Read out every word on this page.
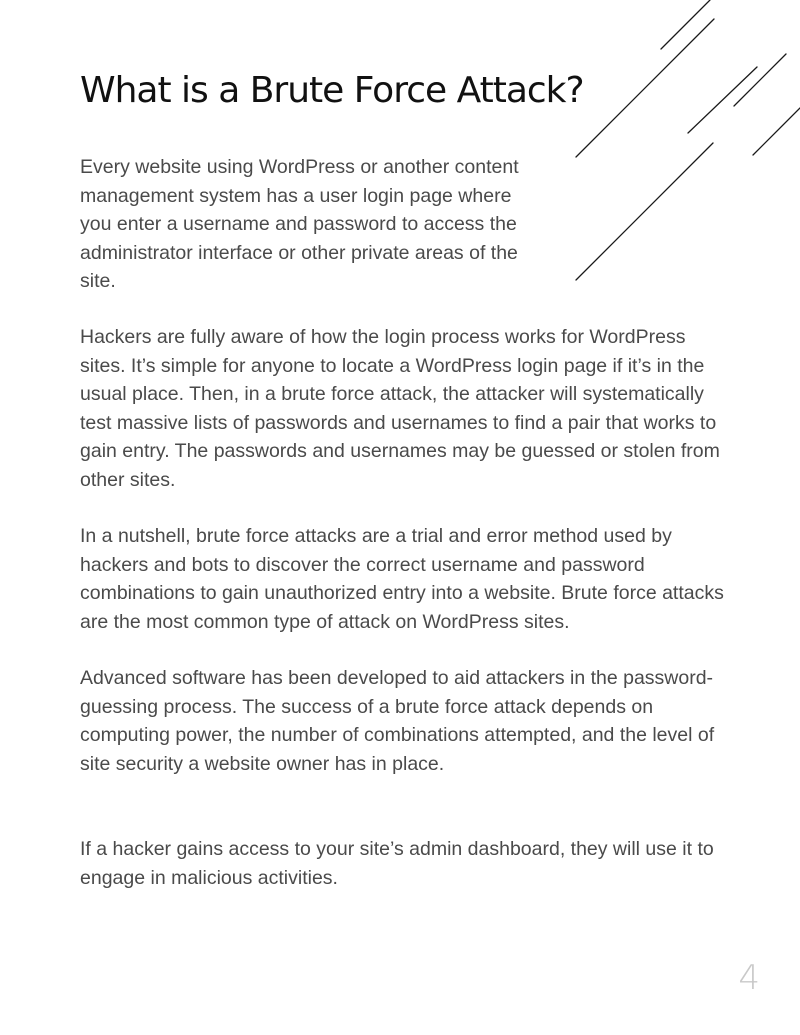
What is a Brute Force Attack?

Every website using WordPress or another content management system has a user login page where you enter a username and password to access the administrator interface or other private areas of the site.

Hackers are fully aware of how the login process works for WordPress sites. It’s simple for anyone to locate a WordPress login page if it’s in the usual place. Then, in a brute force attack, the attacker will systematically test massive lists of passwords and usernames to find a pair that works to gain entry. The passwords and usernames may be guessed or stolen from other sites.

In a nutshell, brute force attacks are a trial and error method used by hackers and bots to discover the correct username and password combinations to gain unauthorized entry into a website. Brute force attacks are the most common type of attack on WordPress sites.

Advanced software has been developed to aid attackers in the password-guessing process. The success of a brute force attack depends on computing power, the number of combinations attempted, and the level of site security a website owner has in place.

If a hacker gains access to your site’s admin dashboard, they will use it to engage in malicious activities.

4
